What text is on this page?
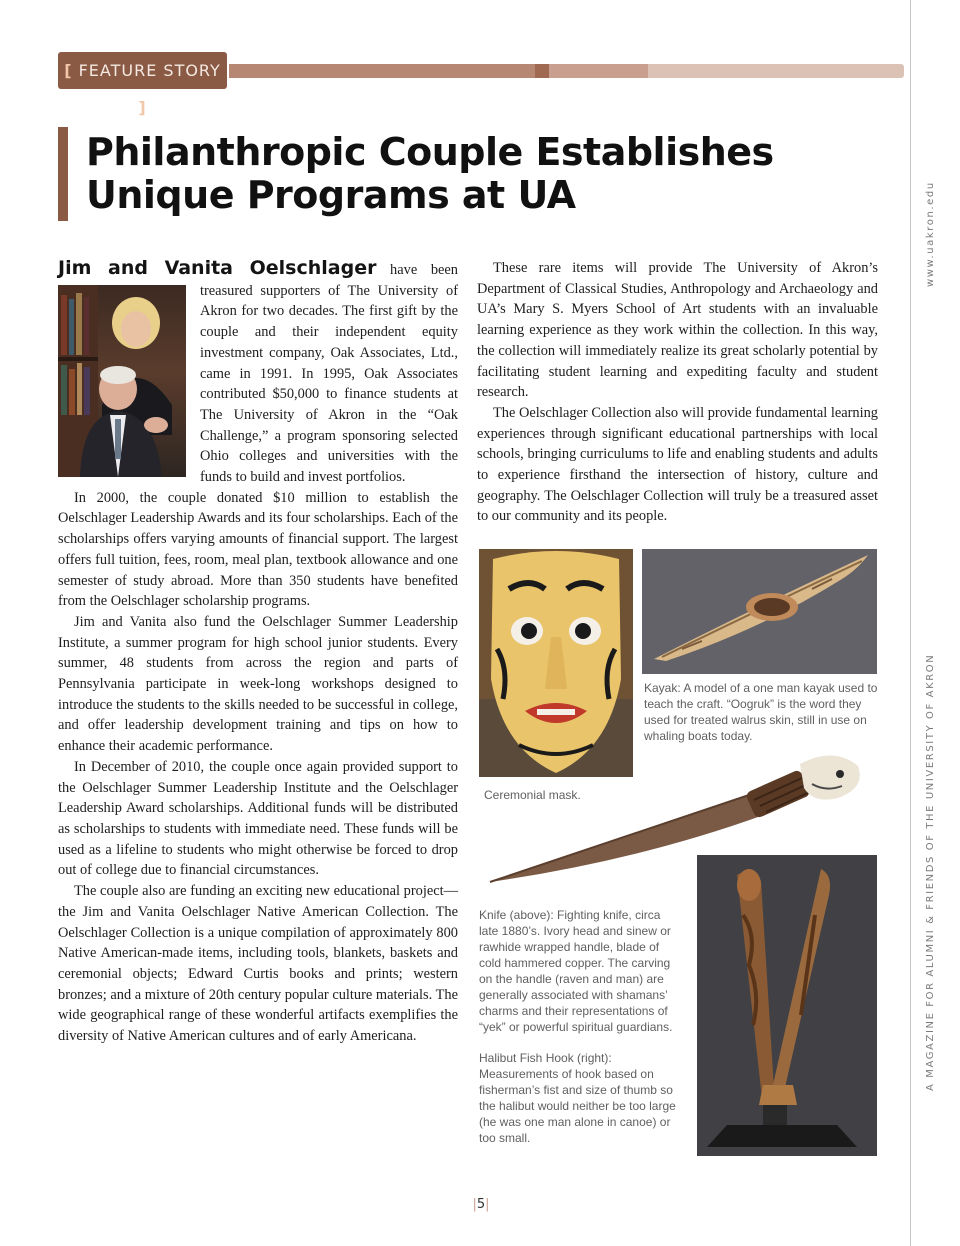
[ FEATURE STORY ]
www.uakron.edu
A MAGAZINE FOR ALUMNI & FRIENDS OF THE UNIVERSITY OF AKRON
Philanthropic Couple Establishes
Unique Programs at UA

Jim and Vanita Oelschlager
have been treasured supporters of The University of Akron for two decades. The first gift by the couple and their independent equity investment company, Oak Associates, Ltd., came in 1991. In 1995, Oak Associates contributed $50,000 to finance students at The University of Akron in the “Oak Challenge,” a program sponsoring selected Ohio colleges and universities with the funds to build and invest portfolios.

In 2000, the couple donated $10 million to establish the Oelschlager Leadership Awards and its four scholarships. Each of the scholarships offers varying amounts of financial support. The largest offers full tuition, fees, room, meal plan, textbook allowance and one semester of study abroad. More than 350 students have benefited from the Oelschlager scholarship programs.

Jim and Vanita also fund the Oelschlager Summer Leadership Institute, a summer program for high school junior students. Every summer, 48 students from across the region and parts of Pennsylvania participate in week-long workshops designed to introduce the students to the skills needed to be successful in college, and offer leadership development training and tips on how to enhance their academic performance.

In December of 2010, the couple once again provided support to the Oelschlager Summer Leadership Institute and the Oelschlager Leadership Award scholarships. Additional funds will be distributed as scholarships to students with immediate need. These funds will be used as a lifeline to students who might otherwise be forced to drop out of college due to financial circumstances.

The couple also are funding an exciting new educational project—the Jim and Vanita Oelschlager Native American Collection. The Oelschlager Collection is a unique compilation of approximately 800 Native American-made items, including tools, blankets, baskets and ceremonial objects; Edward Curtis books and prints; western bronzes; and a mixture of 20th century popular culture materials. The wide geographical range of these wonderful artifacts exemplifies the diversity of Native American cultures and of early Americana.

These rare items will provide The University of Akron’s Department of Classical Studies, Anthropology and Archaeology and UA’s Mary S. Myers School of Art students with an invaluable learning experience as they work within the collection. In this way, the collection will immediately realize its great scholarly potential by facilitating student learning and expediting faculty and student research.

The Oelschlager Collection also will provide fundamental learning experiences through significant educational partnerships with local schools, bringing curriculums to life and enabling students and adults to experience firsthand the intersection of history, culture and geography. The Oelschlager Collection will truly be a treasured asset to our community and its people.

Ceremonial mask.
Kayak: A model of a one man kayak used to teach the craft. “Oogruk” is the word they used for treated walrus skin, still in use on whaling boats today.
Knife (above): Fighting knife, circa late 1880’s. Ivory head and sinew or rawhide wrapped handle, blade of cold hammered copper. The carving on the handle (raven and man) are generally associated with shamans’ charms and their representations of “yek” or powerful spiritual guardians.
Halibut Fish Hook (right): Measurements of hook based on fisherman’s fist and size of thumb so the halibut would neither be too large (he was one man alone in canoe) or too small.
|5|
